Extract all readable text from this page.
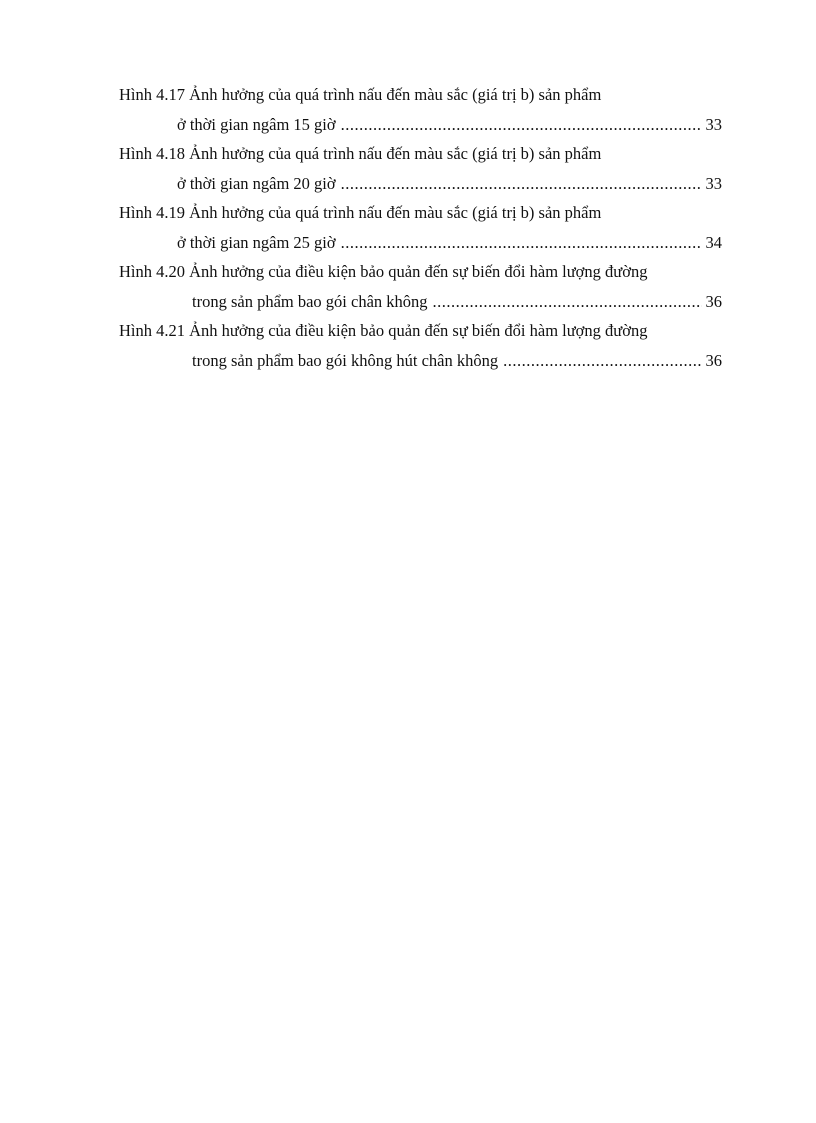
Hình 4.17 Ảnh hưởng của quá trình nấu đến màu sắc (giá trị b) sản phẩm
ở thời gian ngâm 15 giờ .....	33
Hình 4.18 Ảnh hưởng của quá trình nấu đến màu sắc (giá trị b) sản phẩm
ở thời gian ngâm 20 giờ .....	33
Hình 4.19 Ảnh hưởng của quá trình nấu đến màu sắc (giá trị b) sản phẩm
ở thời gian ngâm 25 giờ .....	34
Hình 4.20 Ảnh hưởng của điều kiện bảo quản đến sự biến đổi hàm lượng đường
trong sản phẩm bao gói chân không .....	36
Hình 4.21 Ảnh hưởng của điều kiện bảo quản đến sự biến đổi hàm lượng đường
trong sản phẩm bao gói không hút chân không .....	36
